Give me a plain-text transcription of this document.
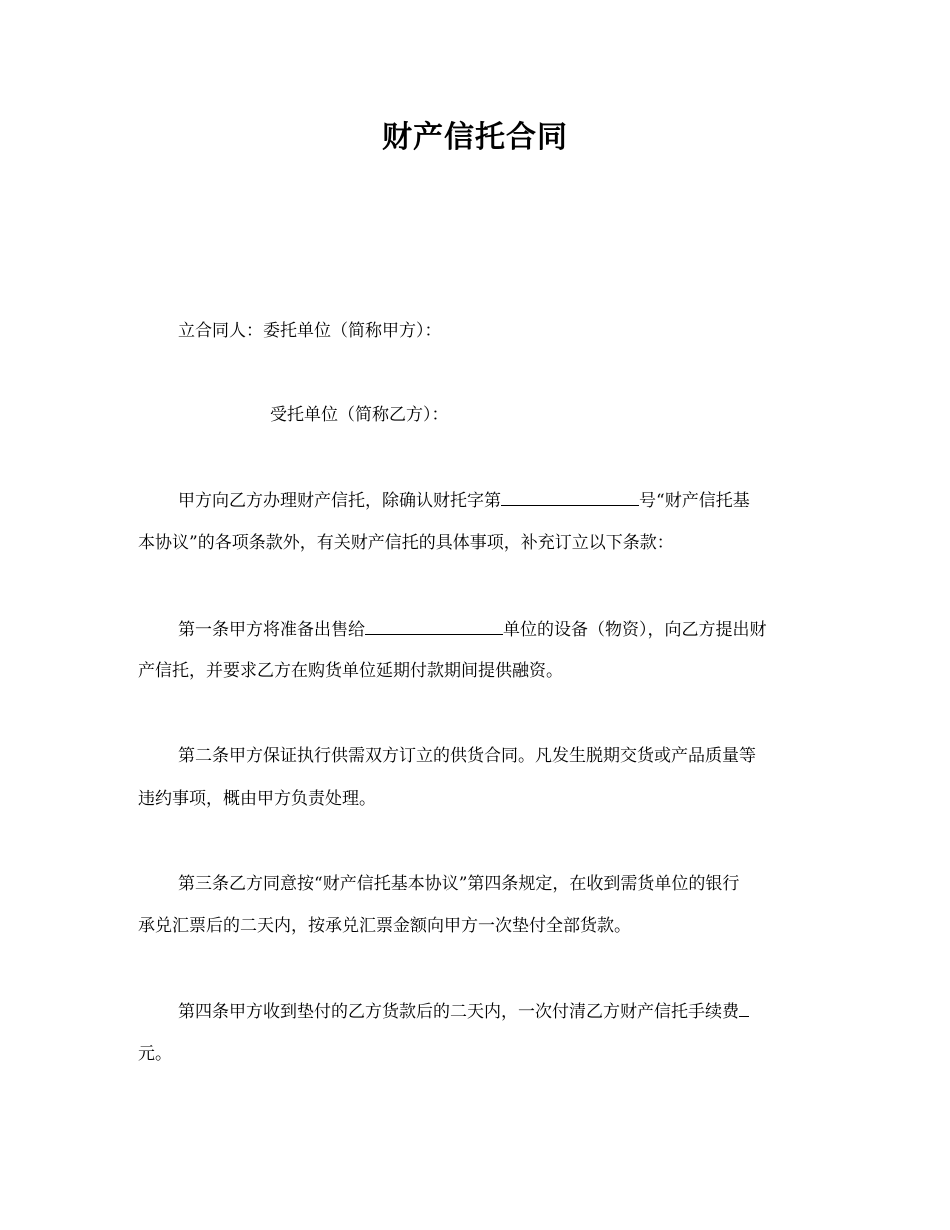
财产信托合同
立合同人：委托单位（简称甲方）：
受托单位（简称乙方）：
甲方向乙方办理财产信托，除确认财托字第	号“财产信托基
本协议”的各项条款外，有关财产信托的具体事项，补充订立以下条款：
第一条甲方将准备出售给	单位的设备（物资），向乙方提出财
产信托，并要求乙方在购货单位延期付款期间提供融资。
第二条甲方保证执行供需双方订立的供货合同。凡发生脱期交货或产品质量等
违约事项，概由甲方负责处理。
第三条乙方同意按“财产信托基本协议”第四条规定，在收到需货单位的银行
承兑汇票后的二天内，按承兑汇票金额向甲方一次垫付全部货款。
第四条甲方收到垫付的乙方货款后的二天内，一次付清乙方财产信托手续费
元。
